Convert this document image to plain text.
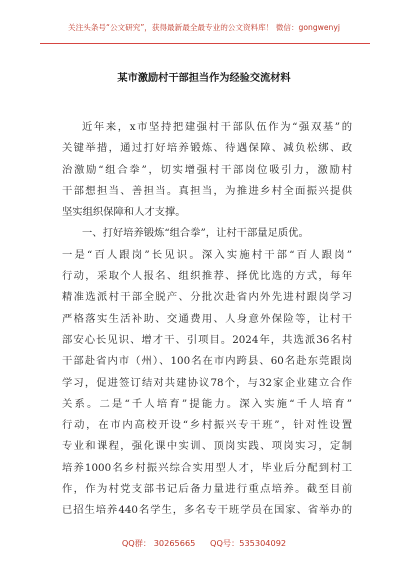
关注头条号“公文研究”，获得最新最全最专业的公文资料库！ 微信：gongwenyj
某市激励村干部担当作为经验交流材料
近年来，x市坚持把建强村干部队伍作为“强双基”的
关键举措，通过打好培养锻炼、待遇保障、减负松绑、政
治激励“组合拳”，切实增强村干部岗位吸引力，激励村
干部想担当、善担当。真担当，为推进乡村全面振兴提供
坚实组织保障和人才支撑。
一、打好培养锻炼“组合拳”，让村干部量足质优。
一是“百人跟岗”长见识。深入实施村干部“百人跟岗”
行动，采取个人报名、组织推荐、择优比选的方式，每年
精准选派村干部全脱产、分批次赴省内外先进村跟岗学习
严格落实生活补助、交通费用、人身意外保险等，让村干
部安心长见识、增才干、引项目。2024年，共选派36名村
干部赴省内市（州）、100名在市内跨县、60名赴东莞跟岗
学习，促进签订结对共建协议78个，与32家企业建立合作
关系。二是“千人培育”提能力。深入实施“千人培育”
行动，在市内高校开设“乡村振兴专干班”，针对性设置
专业和课程，强化课中实训、顶岗实践、项岗实习，定制
培养1000名乡村振兴综合实用型人才，毕业后分配到村工
作，作为村党支部书记后备力量进行重点培养。截至目前
已招生培养440名学生，多名专干班学员在国家、省举办的
QQ群： 30265665 QQ号：535304092
